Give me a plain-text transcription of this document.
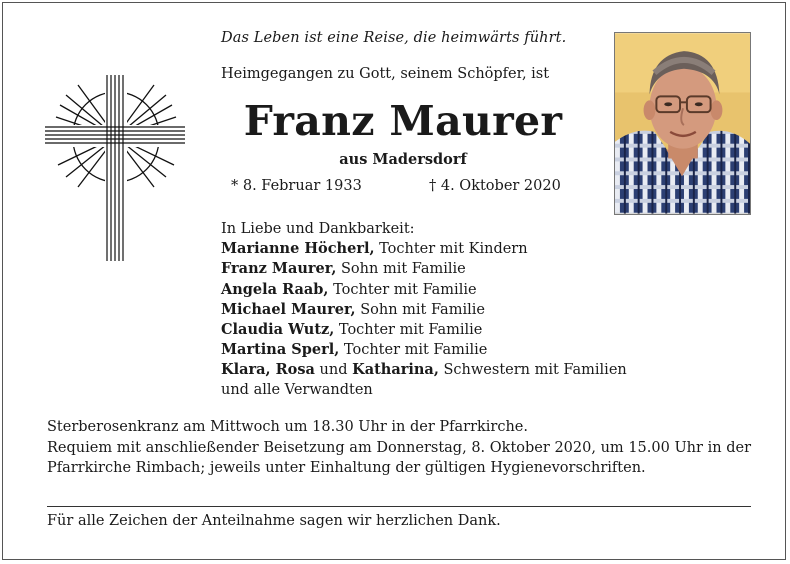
Das Leben ist eine Reise, die heimwärts führt.
Heimgegangen zu Gott, seinem Schöpfer, ist
Franz Maurer
aus Madersdorf
* 8. Februar 1933	† 4. Oktober 2020
In Liebe und Dankbarkeit:
Marianne Höcherl, Tochter mit Kindern
Franz Maurer, Sohn mit Familie
Angela Raab, Tochter mit Familie
Michael Maurer, Sohn mit Familie
Claudia Wutz, Tochter mit Familie
Martina Sperl, Tochter mit Familie
Klara, Rosa und Katharina, Schwestern mit Familien
und alle Verwandten
Sterberosenkranz am Mittwoch um 18.30 Uhr in der Pfarrkirche.
Requiem mit anschließender Beisetzung am Donnerstag, 8. Oktober 2020, um 15.00 Uhr in der Pfarrkirche Rimbach; jeweils unter Einhaltung der gültigen Hygienevorschriften.
Für alle Zeichen der Anteilnahme sagen wir herzlichen Dank.
